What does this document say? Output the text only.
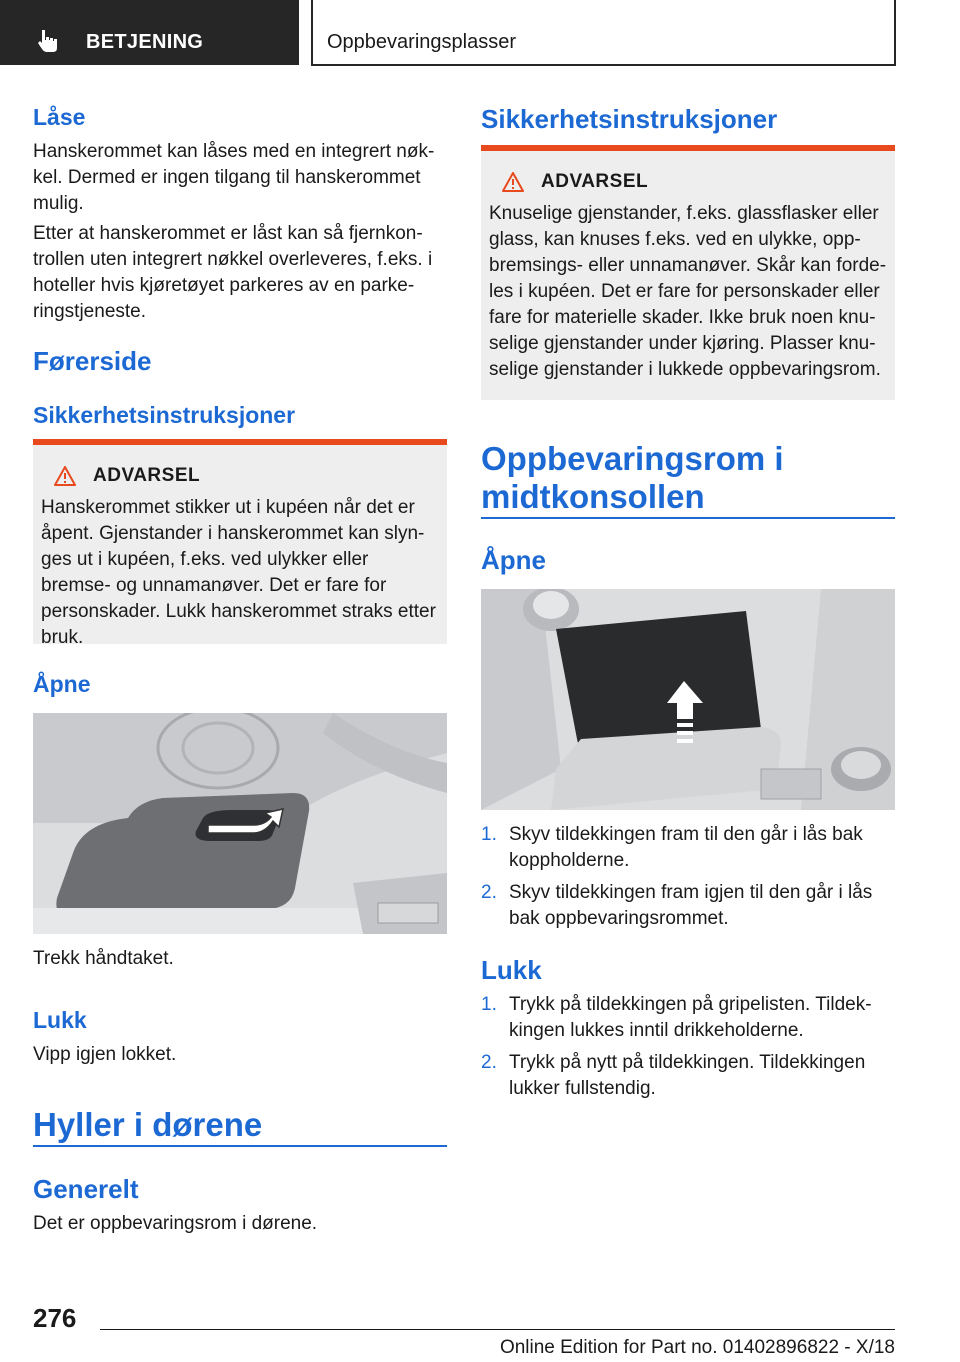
BETJENING	Oppbevaringsplasser
Låse
Hanskerommet kan låses med en integrert nøk-kel. Dermed er ingen tilgang til hanskerommet mulig.
Etter at hanskerommet er låst kan så fjernkon-trollen uten integrert nøkkel overleveres, f.eks. i hoteller hvis kjøretøyet parkeres av en parke-ringstjeneste.
Førerside
Sikkerhetsinstruksjoner
ADVARSEL
Hanskerommet stikker ut i kupéen når det er åpent. Gjenstander i hanskerommet kan slyn-ges ut i kupéen, f.eks. ved ulykker eller bremse- og unnamanøver. Det er fare for personskader. Lukk hanskerommet straks etter bruk.
Åpne
Trekk håndtaket.
Lukk
Vipp igjen lokket.
Hyller i dørene
Generelt
Det er oppbevaringsrom i dørene.
Sikkerhetsinstruksjoner
ADVARSEL
Knuselige gjenstander, f.eks. glassflasker eller glass, kan knuses f.eks. ved en ulykke, opp-bremsings- eller unnamanøver. Skår kan forde-les i kupéen. Det er fare for personskader eller fare for materielle skader. Ikke bruk noen knu-selige gjenstander under kjøring. Plasser knu-selige gjenstander i lukkede oppbevaringsrom.
Oppbevaringsrom i
midtkonsollen
Åpne
1. Skyv tildekkingen fram til den går i lås bak koppholderne.
2. Skyv tildekkingen fram igjen til den går i lås bak oppbevaringsrommet.
Lukk
1. Trykk på tildekkingen på gripelisten. Tildek-kingen lukkes inntil drikkeholderne.
2. Trykk på nytt på tildekkingen. Tildekkingen lukker fullstendig.
276
Online Edition for Part no. 01402896822 - X/18
